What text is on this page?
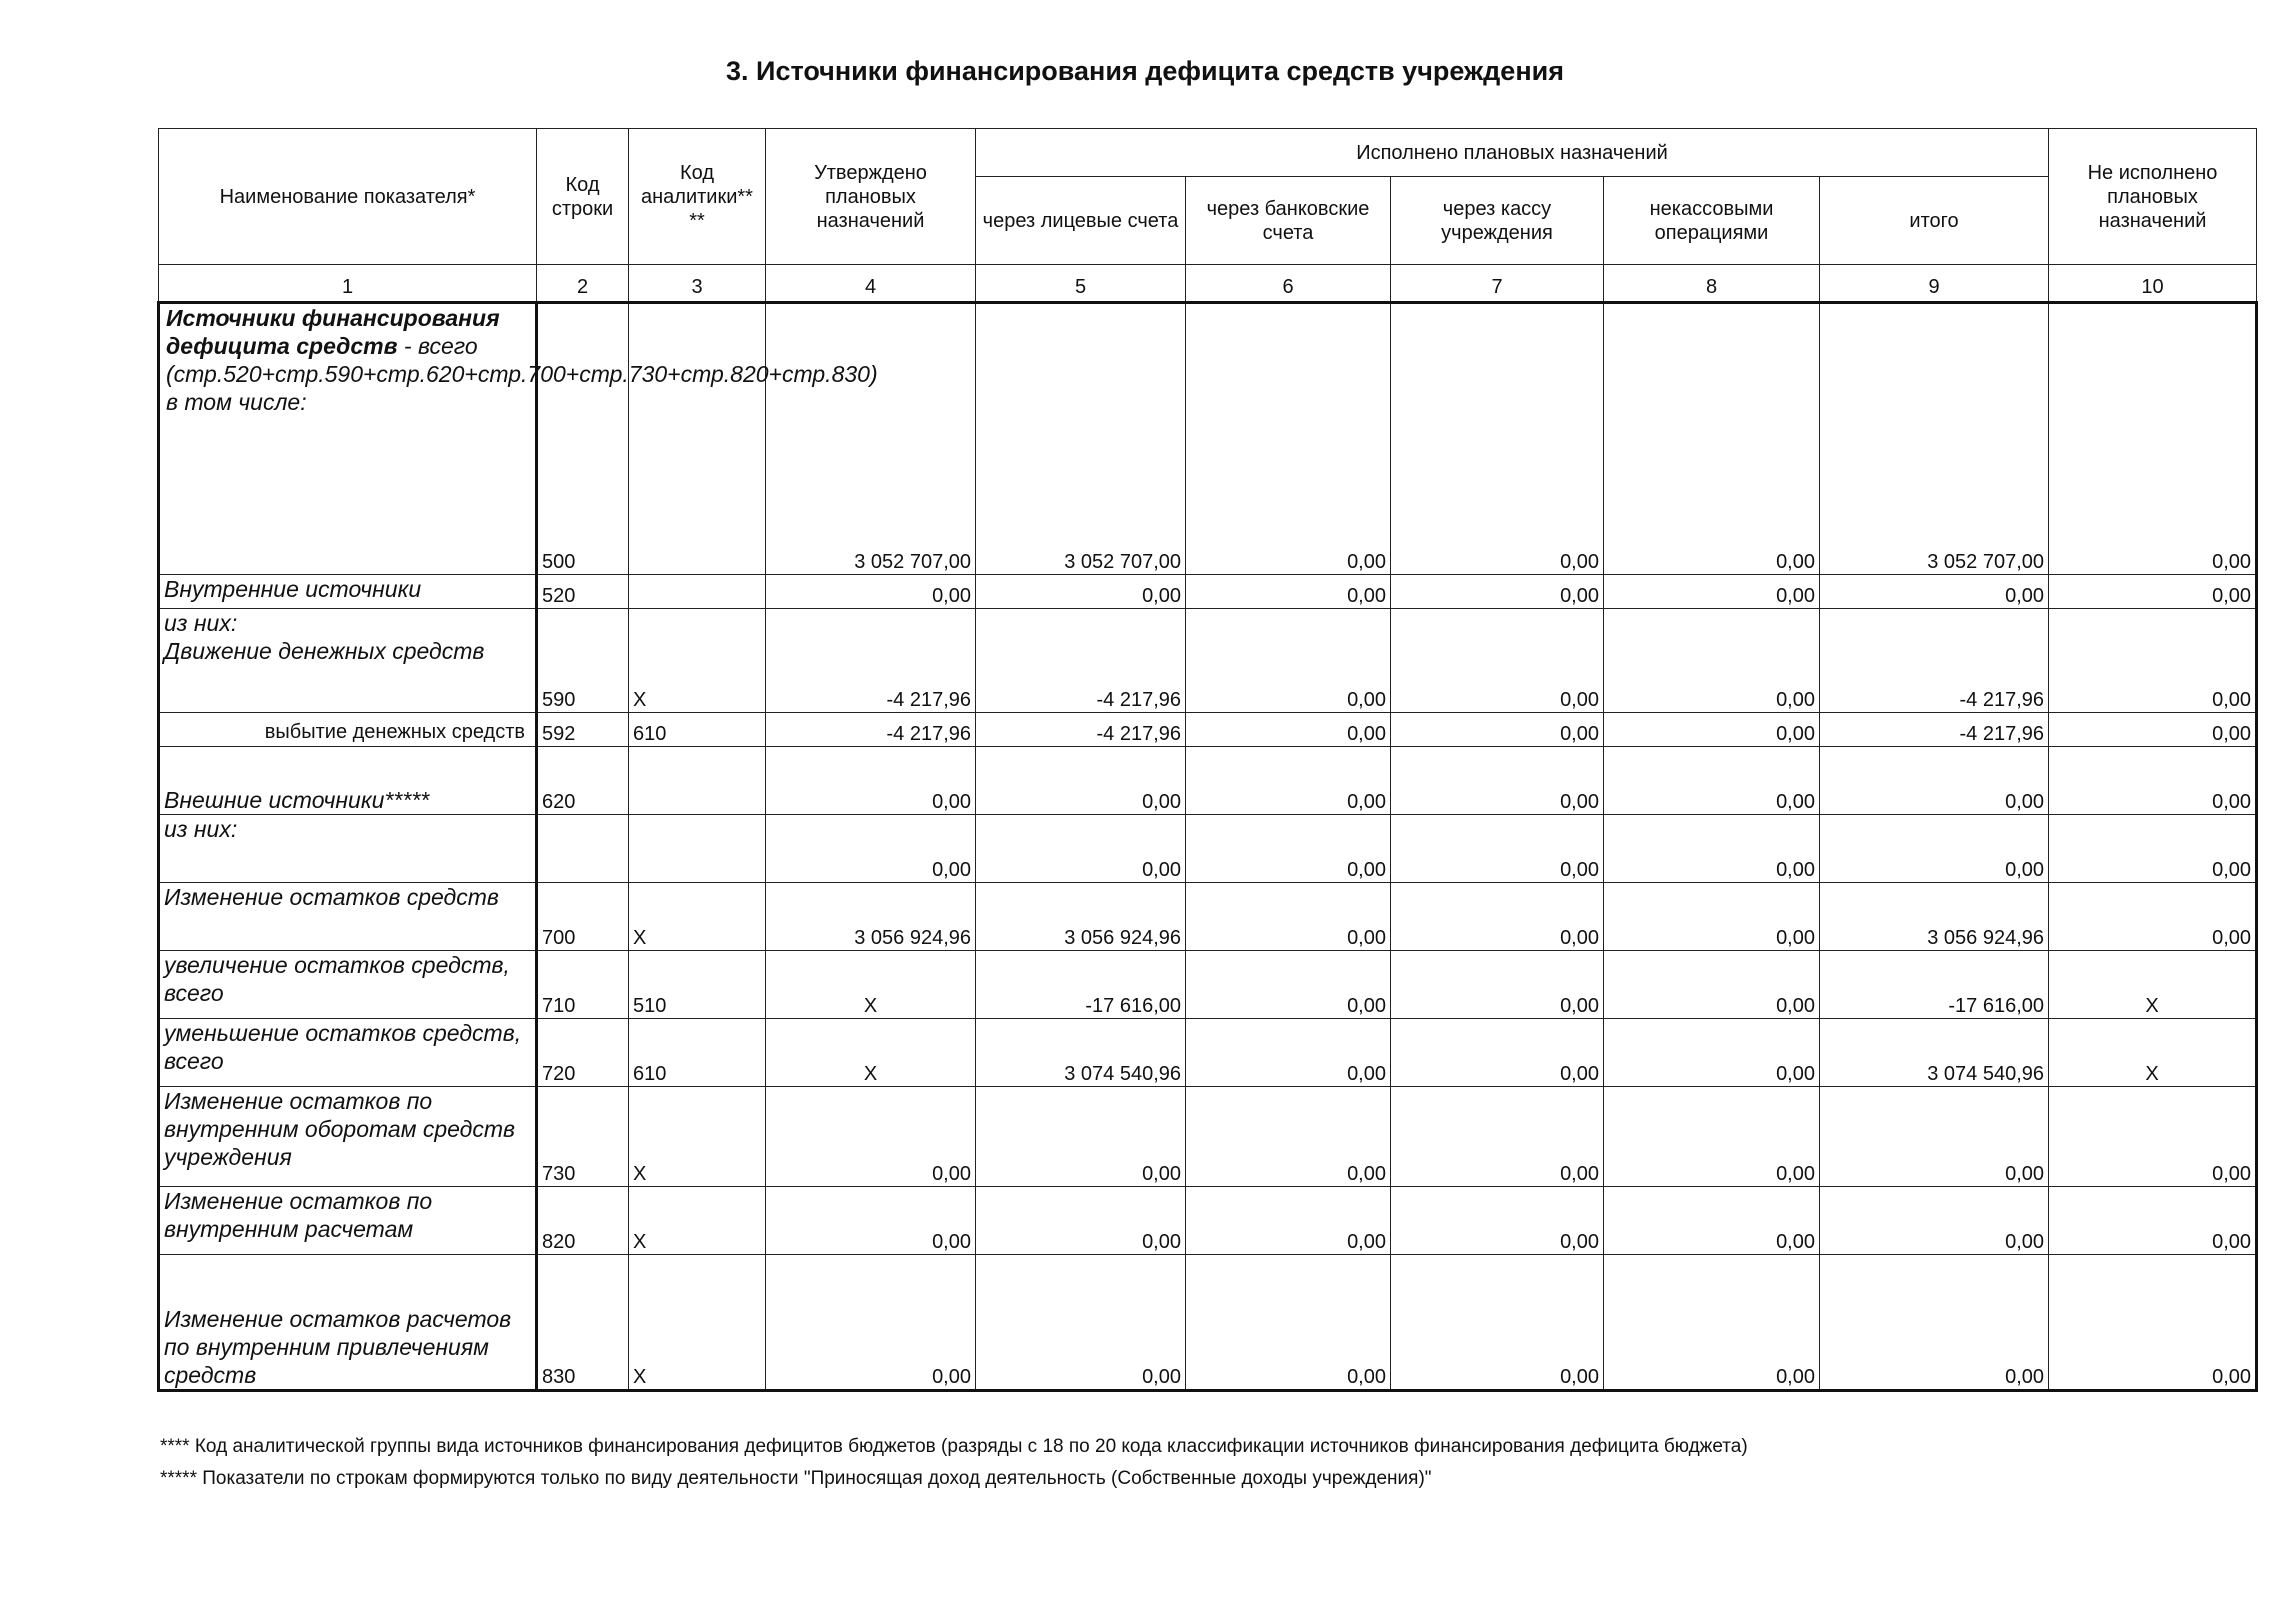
3. Источники финансирования дефицита средств учреждения
Наименование показателя*	Код строки	Код аналитики** **	Утверждено плановых назначений	Исполнено плановых назначений					Не исполнено плановых назначений
				через лицевые счета	через банковские счета	через кассу учреждения	некассовыми операциями	итого	
1	2	3	4	5	6	7	8	9	10
Источники финансирования дефицита средств - всего (стр.520+стр.590+стр.620+стр.700+стр.730+стр.820+стр.830)
в том числе:	500		3 052 707,00	3 052 707,00	0,00	0,00	0,00	3 052 707,00	0,00
Внутренние источники	520		0,00	0,00	0,00	0,00	0,00	0,00	0,00
из них:
Движение денежных средств	590	X	-4 217,96	-4 217,96	0,00	0,00	0,00	-4 217,96	0,00
выбытие денежных средств	592	610	-4 217,96	-4 217,96	0,00	0,00	0,00	-4 217,96	0,00
Внешние источники*****	620		0,00	0,00	0,00	0,00	0,00	0,00	0,00
из них:			0,00	0,00	0,00	0,00	0,00	0,00	0,00
Изменение остатков средств	700	X	3 056 924,96	3 056 924,96	0,00	0,00	0,00	3 056 924,96	0,00
увеличение остатков средств, всего	710	510	X	-17 616,00	0,00	0,00	0,00	-17 616,00	X
уменьшение остатков средств, всего	720	610	X	3 074 540,96	0,00	0,00	0,00	3 074 540,96	X
Изменение остатков по внутренним оборотам средств учреждения	730	X	0,00	0,00	0,00	0,00	0,00	0,00	0,00
Изменение остатков по внутренним расчетам	820	X	0,00	0,00	0,00	0,00	0,00	0,00	0,00
Изменение остатков расчетов по внутренним привлечениям средств	830	X	0,00	0,00	0,00	0,00	0,00	0,00	0,00
**** Код аналитической группы вида источников финансирования дефицитов бюджетов (разряды с 18 по 20 кода классификации источников финансирования дефицита бюджета)
***** Показатели по строкам формируются только по виду деятельности "Приносящая доход деятельность (Собственные доходы учреждения)"
